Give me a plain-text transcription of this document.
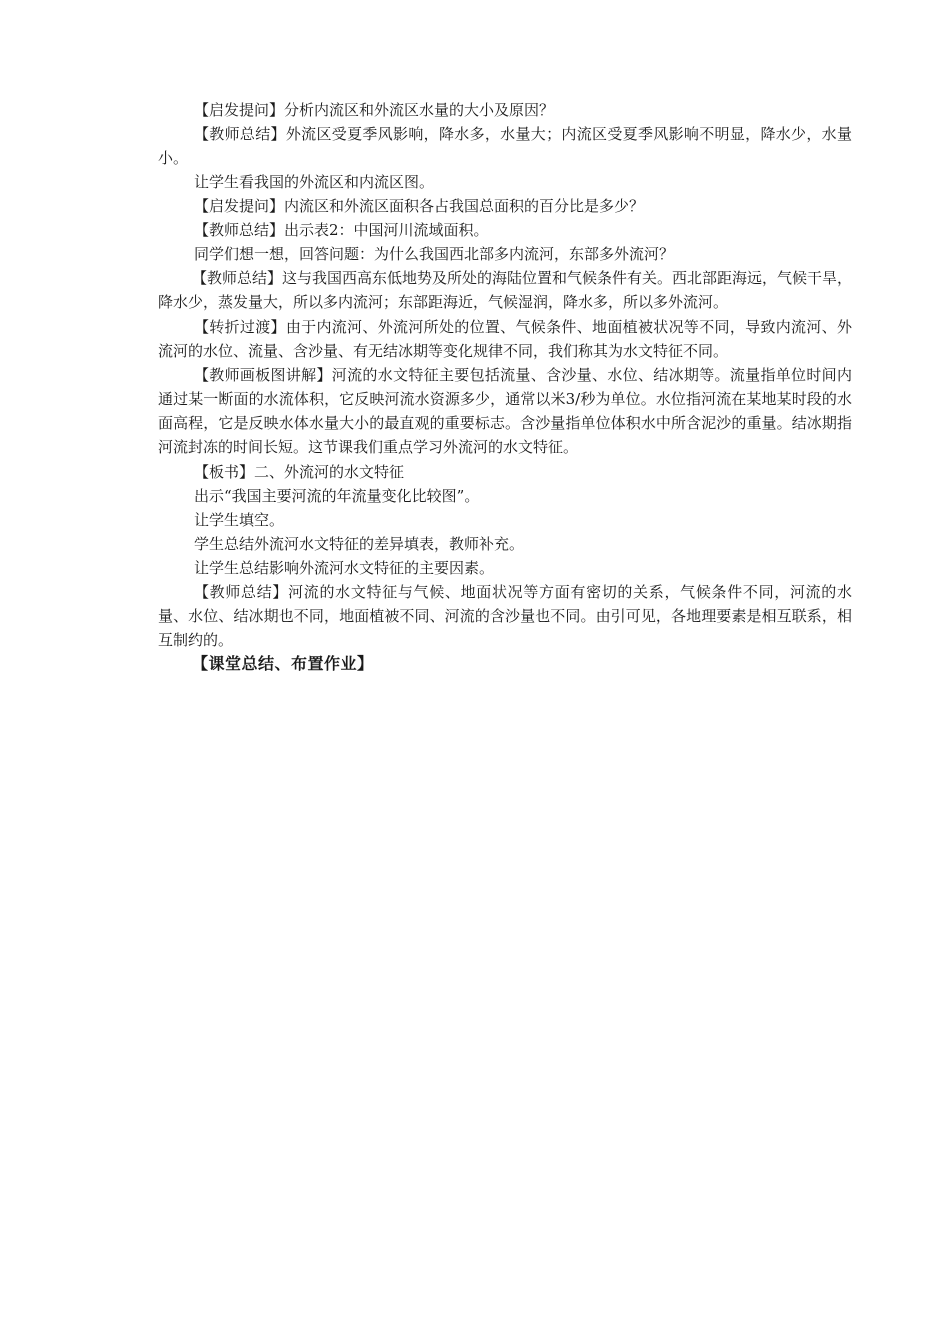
【启发提问】分析内流区和外流区水量的大小及原因？

【教师总结】外流区受夏季风影响，降水多，水量大；内流区受夏季风影响不明显，降水少，水量小。

让学生看我国的外流区和内流区图。

【启发提问】内流区和外流区面积各占我国总面积的百分比是多少？

【教师总结】出示表2：中国河川流域面积。

同学们想一想，回答问题：为什么我国西北部多内流河，东部多外流河？

【教师总结】这与我国西高东低地势及所处的海陆位置和气候条件有关。西北部距海远，气候干旱，降水少，蒸发量大，所以多内流河；东部距海近，气候湿润，降水多，所以多外流河。

【转折过渡】由于内流河、外流河所处的位置、气候条件、地面植被状况等不同，导致内流河、外流河的水位、流量、含沙量、有无结冰期等变化规律不同，我们称其为水文特征不同。

【教师画板图讲解】河流的水文特征主要包括流量、含沙量、水位、结冰期等。流量指单位时间内通过某一断面的水流体积，它反映河流水资源多少，通常以米3/秒为单位。水位指河流在某地某时段的水面高程，它是反映水体水量大小的最直观的重要标志。含沙量指单位体积水中所含泥沙的重量。结冰期指河流封冻的时间长短。这节课我们重点学习外流河的水文特征。

【板书】二、外流河的水文特征

出示“我国主要河流的年流量变化比较图”。

让学生填空。

学生总结外流河水文特征的差异填表，教师补充。

让学生总结影响外流河水文特征的主要因素。

【教师总结】河流的水文特征与气候、地面状况等方面有密切的关系，气候条件不同，河流的水量、水位、结冰期也不同，地面植被不同、河流的含沙量也不同。由引可见，各地理要素是相互联系，相互制约的。

【课堂总结、布置作业】
